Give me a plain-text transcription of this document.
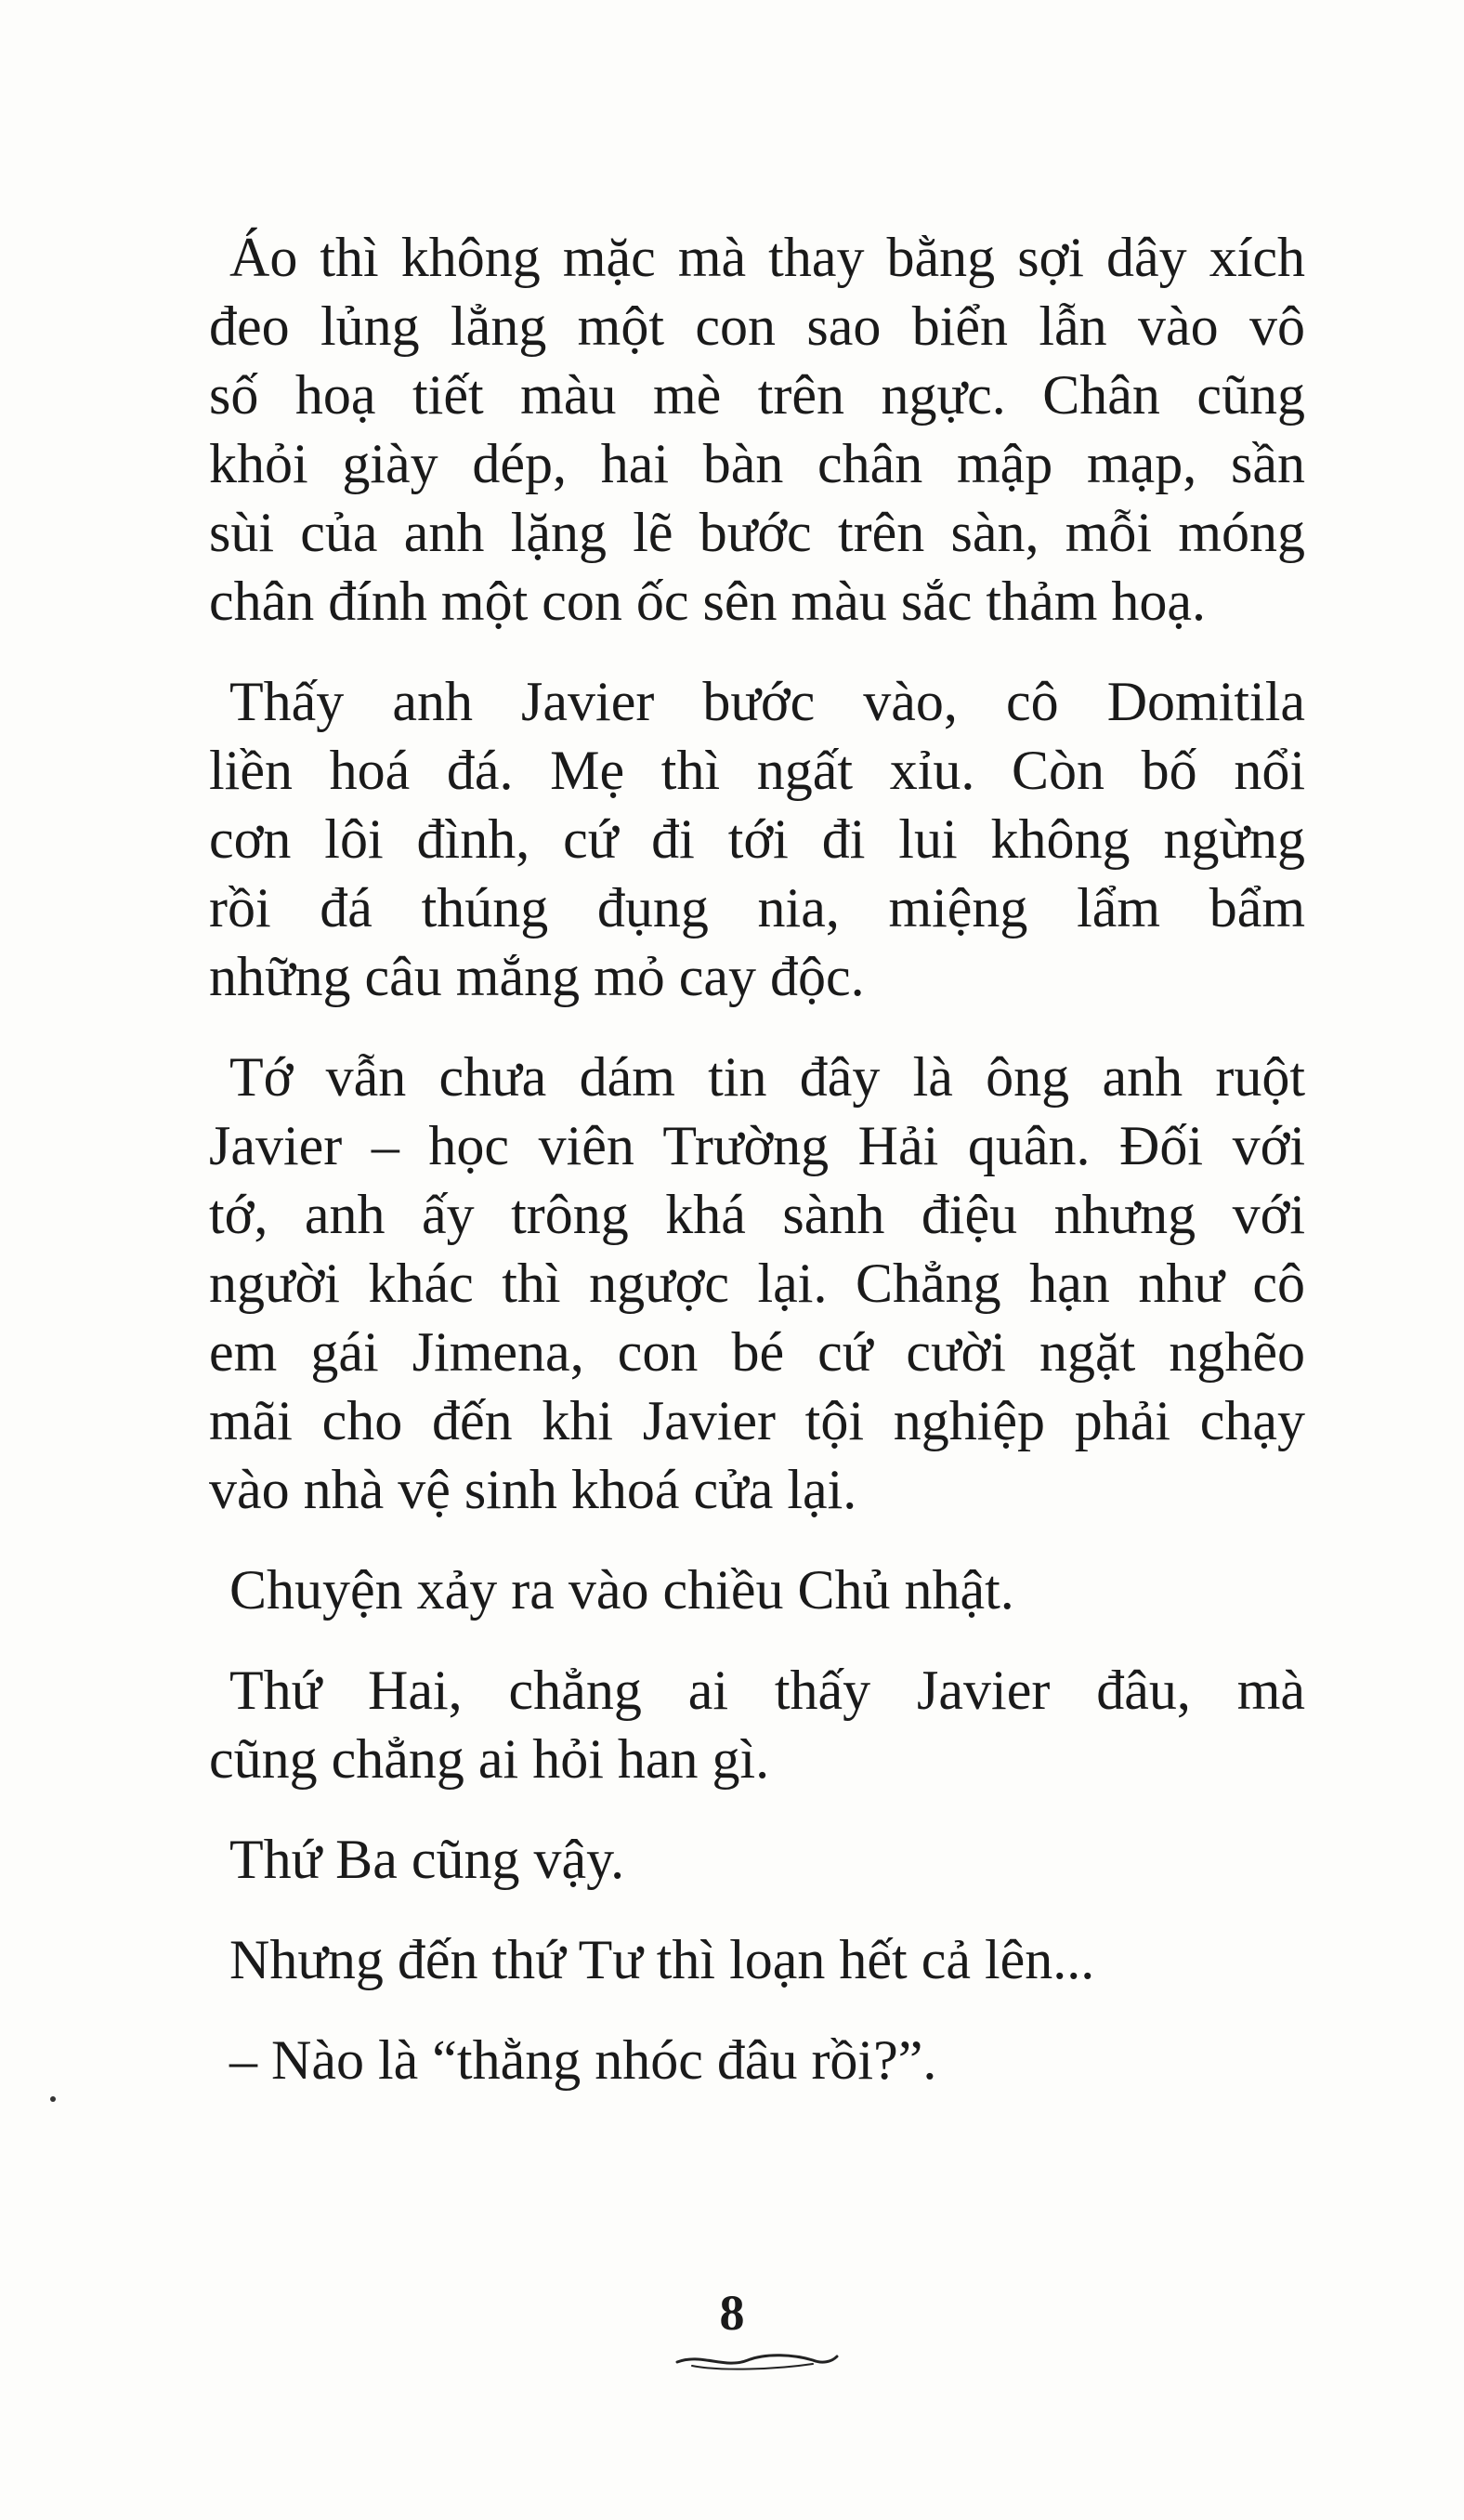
Áo thì không mặc mà thay bằng sợi dây xích
đeo lủng lẳng một con sao biển lẫn vào vô
số hoạ tiết màu mè trên ngực. Chân cũng
khỏi giày dép, hai bàn chân mập mạp, sần
sùi của anh lặng lẽ bước trên sàn, mỗi móng
chân đính một con ốc sên màu sắc thảm hoạ.
Thấy anh Javier bước vào, cô Domitila
liền hoá đá. Mẹ thì ngất xỉu. Còn bố nổi
cơn lôi đình, cứ đi tới đi lui không ngừng
rồi đá thúng đụng nia, miệng lẩm bẩm
những câu mắng mỏ cay độc.
Tớ vẫn chưa dám tin đây là ông anh ruột
Javier – học viên Trường Hải quân. Đối với
tớ, anh ấy trông khá sành điệu nhưng với
người khác thì ngược lại. Chẳng hạn như cô
em gái Jimena, con bé cứ cười ngặt nghẽo
mãi cho đến khi Javier tội nghiệp phải chạy
vào nhà vệ sinh khoá cửa lại.
Chuyện xảy ra vào chiều Chủ nhật.
Thứ Hai, chẳng ai thấy Javier đâu, mà
cũng chẳng ai hỏi han gì.
Thứ Ba cũng vậy.
Nhưng đến thứ Tư thì loạn hết cả lên...
– Nào là “thằng nhóc đâu rồi?”.
8
